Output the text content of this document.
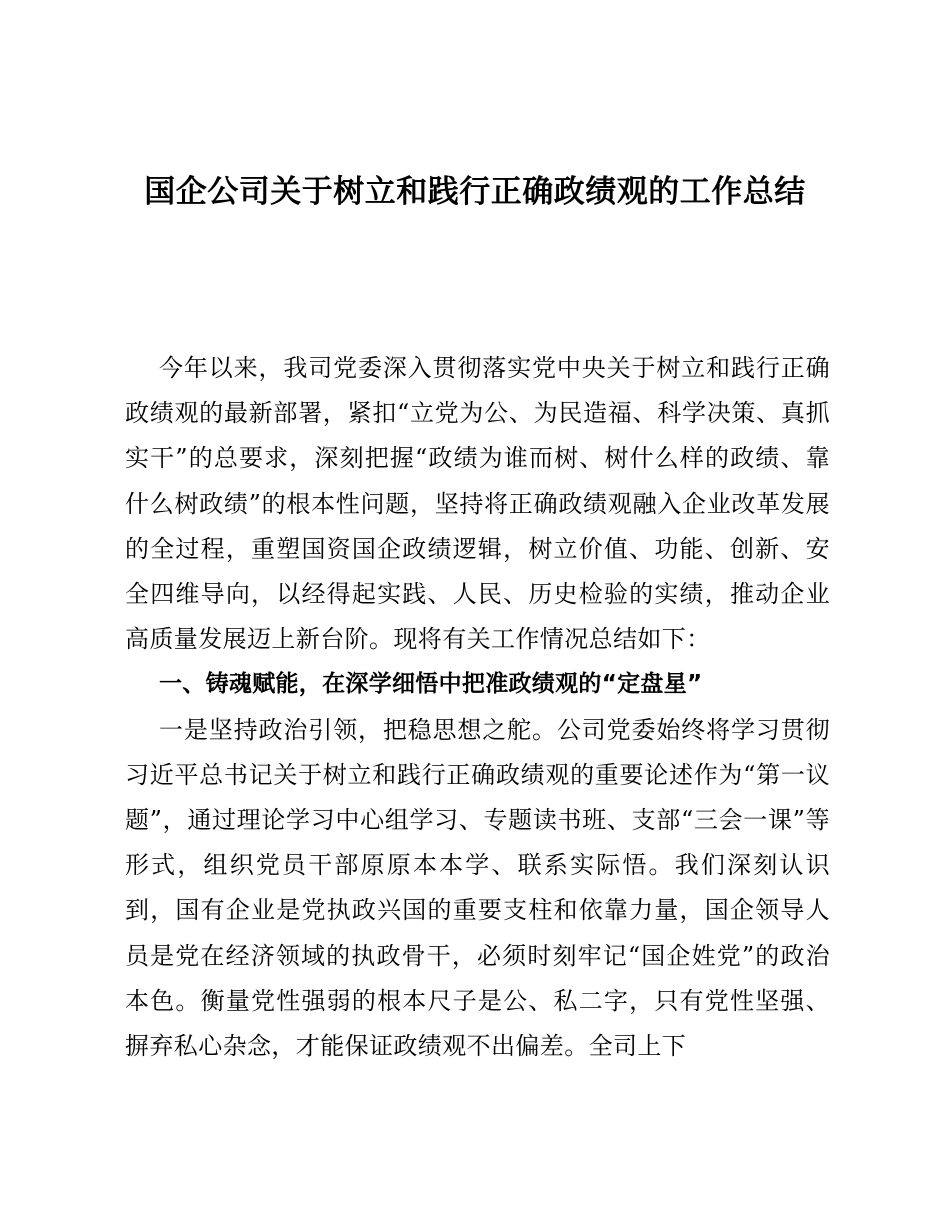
国企公司关于树立和践行正确政绩观的工作总结

今年以来，我司党委深入贯彻落实党中央关于树立和践行正确政绩观的最新部署，紧扣“立党为公、为民造福、科学决策、真抓实干”的总要求，深刻把握“政绩为谁而树、树什么样的政绩、靠什么树政绩”的根本性问题，坚持将正确政绩观融入企业改革发展的全过程，重塑国资国企政绩逻辑，树立价值、功能、创新、安全四维导向，以经得起实践、人民、历史检验的实绩，推动企业高质量发展迈上新台阶。现将有关工作情况总结如下：

一、铸魂赋能，在深学细悟中把准政绩观的“定盘星”

一是坚持政治引领，把稳思想之舵。公司党委始终将学习贯彻习近平总书记关于树立和践行正确政绩观的重要论述作为“第一议题”，通过理论学习中心组学习、专题读书班、支部“三会一课”等形式，组织党员干部原原本本学、联系实际悟。我们深刻认识到，国有企业是党执政兴国的重要支柱和依靠力量，国企领导人员是党在经济领域的执政骨干，必须时刻牢记“国企姓党”的政治本色。衡量党性强弱的根本尺子是公、私二字，只有党性坚强、摒弃私心杂念，才能保证政绩观不出偏差。全司上下
